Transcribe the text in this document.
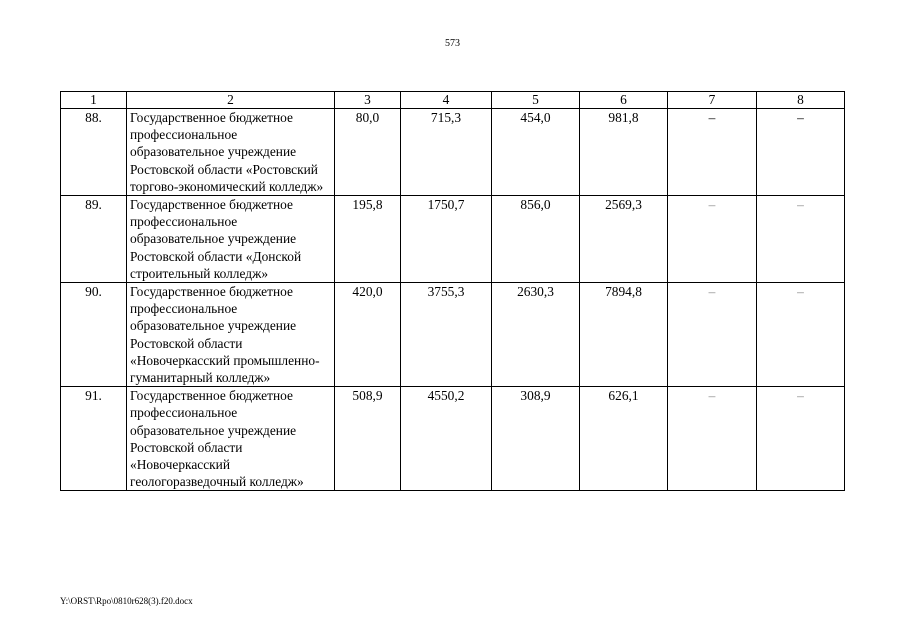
573
1	2	3	4	5	6	7	8
88.	Государственное бюджетное профессиональное образовательное учреждение Ростовской области «Ростовский торгово-экономический колледж»	80,0	715,3	454,0	981,8	–	–
89.	Государственное бюджетное профессиональное образовательное учреждение Ростовской области «Донской строительный колледж»	195,8	1750,7	856,0	2569,3	–	–
90.	Государственное бюджетное профессиональное образовательное учреждение Ростовской области «Новочеркасский промышленно-гуманитарный колледж»	420,0	3755,3	2630,3	7894,8	–	–
91.	Государственное бюджетное профессиональное образовательное учреждение Ростовской области «Новочеркасский геологоразведочный колледж»	508,9	4550,2	308,9	626,1	–	–
Y:\ORST\Rpo\0810r628(3).f20.docx
